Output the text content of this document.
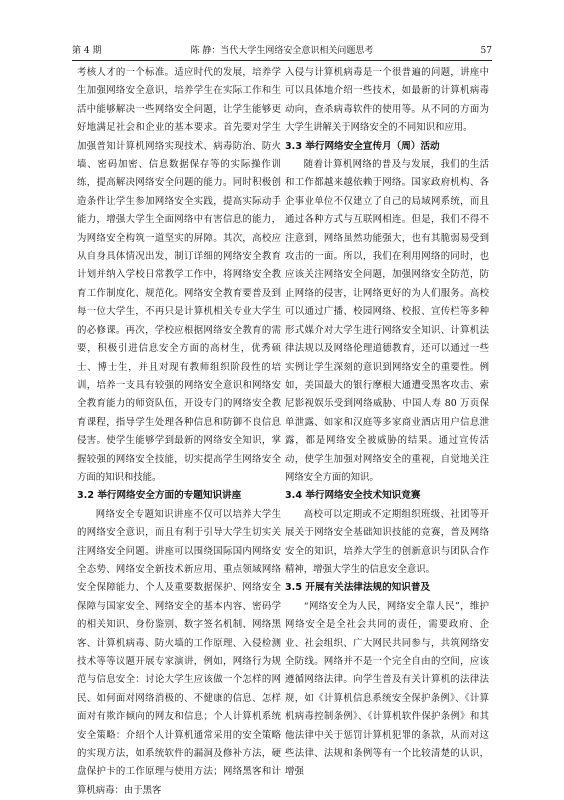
第 4 期	陈 静：当代大学生网络安全意识相关问题思考	57

考核人才的一个标准。适应时代的发展，培养学生加强网络安全意识，培养学生在实际工作和生活中能够解决一些网络安全问题，让学生能够更好地满足社会和企业的基本要求。首先要对学生加强普知计算机网络实现技术、病毒防治、防火墙、密码加密、信息数据保存等的实际操作训练，提高解决网络安全问题的能力。同时积极创造条件让学生参加网络安全实践，提高实际动手能力，增强大学生全面网络中有害信息的能力，为网络安全构筑一道坚实的屏障。其次，高校应从自身具体情况出发，制订详细的网络安全教育计划并纳入学校日常教学工作中，将网络安全教育工作制度化、规范化。网络安全教育要普及到每一位大学生，不再只是计算机相关专业大学生的必修课。再次，学校应根据网络安全教育的需要，积极引进信息安全方面的高材生，优秀硕士、博士生，并且对现有教师组织阶段性的培训，培养一支具有较强的网络安全意识和网络安全教育能力的师资队伍，开设专门的网络安全教育课程，指导学生处理各种信息和防御不良信息侵害。使学生能够学到最新的网络安全知识，掌握较强的网络安全技能，切实提高学生网络安全方面的知识和技能。

3.2 举行网络安全方面的专题知识讲座

网络安全专题知识讲座不仅可以培养大学生的网络安全意识，而且有利于引导大学生切实关注网络安全问题。讲座可以围绕国际国内网络安全态势、网络安全新技术新应用、重点领域网络安全保障能力、个人及重要数据保护、网络安全保障与国家安全、网络安全的基本内容、密码学的相关知识、身份鉴别、数字签名机制、网络黑客、计算机病毒、防火墙的工作原理、入侵检测技术等等议题开展专家演讲，例如，网络行为规范与信息安全：讨论大学生应该做一个怎样的网民、如何面对网络消极的、不健康的信息、怎样面对有欺诈倾向的网友和信息；个人计算机系统安全策略：介绍个人计算机通常采用的安全策略的实现方法，如系统软件的漏洞及修补方法，硬盘保护卡的工作原理与使用方法；网络黑客和计算机病毒：由于黑客

入侵与计算机病毒是一个很普遍的问题，讲座中可以具体地介绍一些技术，如最新的计算机病毒动向，查杀病毒软件的使用等。从不同的方面为大学生讲解关于网络安全的不同知识和应用。

3.3 举行网络安全宣传月（周）活动

随着计算机网络的普及与发展，我们的生活和工作都越来越依赖于网络。国家政府机构、各企事业单位不仅建立了自己的局域网系统，而且通过各种方式与互联网相连。但是，我们不得不注意到，网络虽然功能强大，也有其脆弱易受到攻击的一面。所以，我们在利用网络的同时，也应该关注网络安全问题，加强网络安全防范，防止网络的侵害，让网络更好的为人们服务。高校可以通过广播、校园网络、校报、宣传栏等多种形式媒介对大学生进行网络安全知识、计算机法律法规以及网络伦理道德教育，还可以通过一些实例让学生深刻的意识到网络安全的重要性。例如，美国最大的银行摩根大通遭受黑客攻击、索尼影视娱乐受到网络威胁、中国人寿 80 万页保单泄露、如家和汉庭等多家商业酒店用户信息泄露，都是网络安全被威胁的结果。通过宣传活动，使学生加强对网络安全的重视，自觉地关注网络安全方面的知识。

3.4 举行网络安全技术知识竞赛

高校可以定期或不定期组织班级、社团等开展关于网络安全基础知识技能的竞赛，普及网络安全的知识，培养大学生的创新意识与团队合作精神，增强大学生的信息安全意识。

3.5 开展有关法律法规的知识普及

“网络安全为人民，网络安全靠人民”，维护网络安全是全社会共同的责任，需要政府、企业、社会组织、广大网民共同参与，共筑网络安全防线。网络并不是一个完全自由的空间，应该遵循网络法律。向学生普及有关计算机的法律法规，如《计算机信息系统安全保护条例》、《计算机病毒控制条例》、《计算机软件保护条例》和其他法律中关于惩罚计算机犯罪的条款，从而对这些法律、法规和条例等有一个比较清楚的认识，增强
